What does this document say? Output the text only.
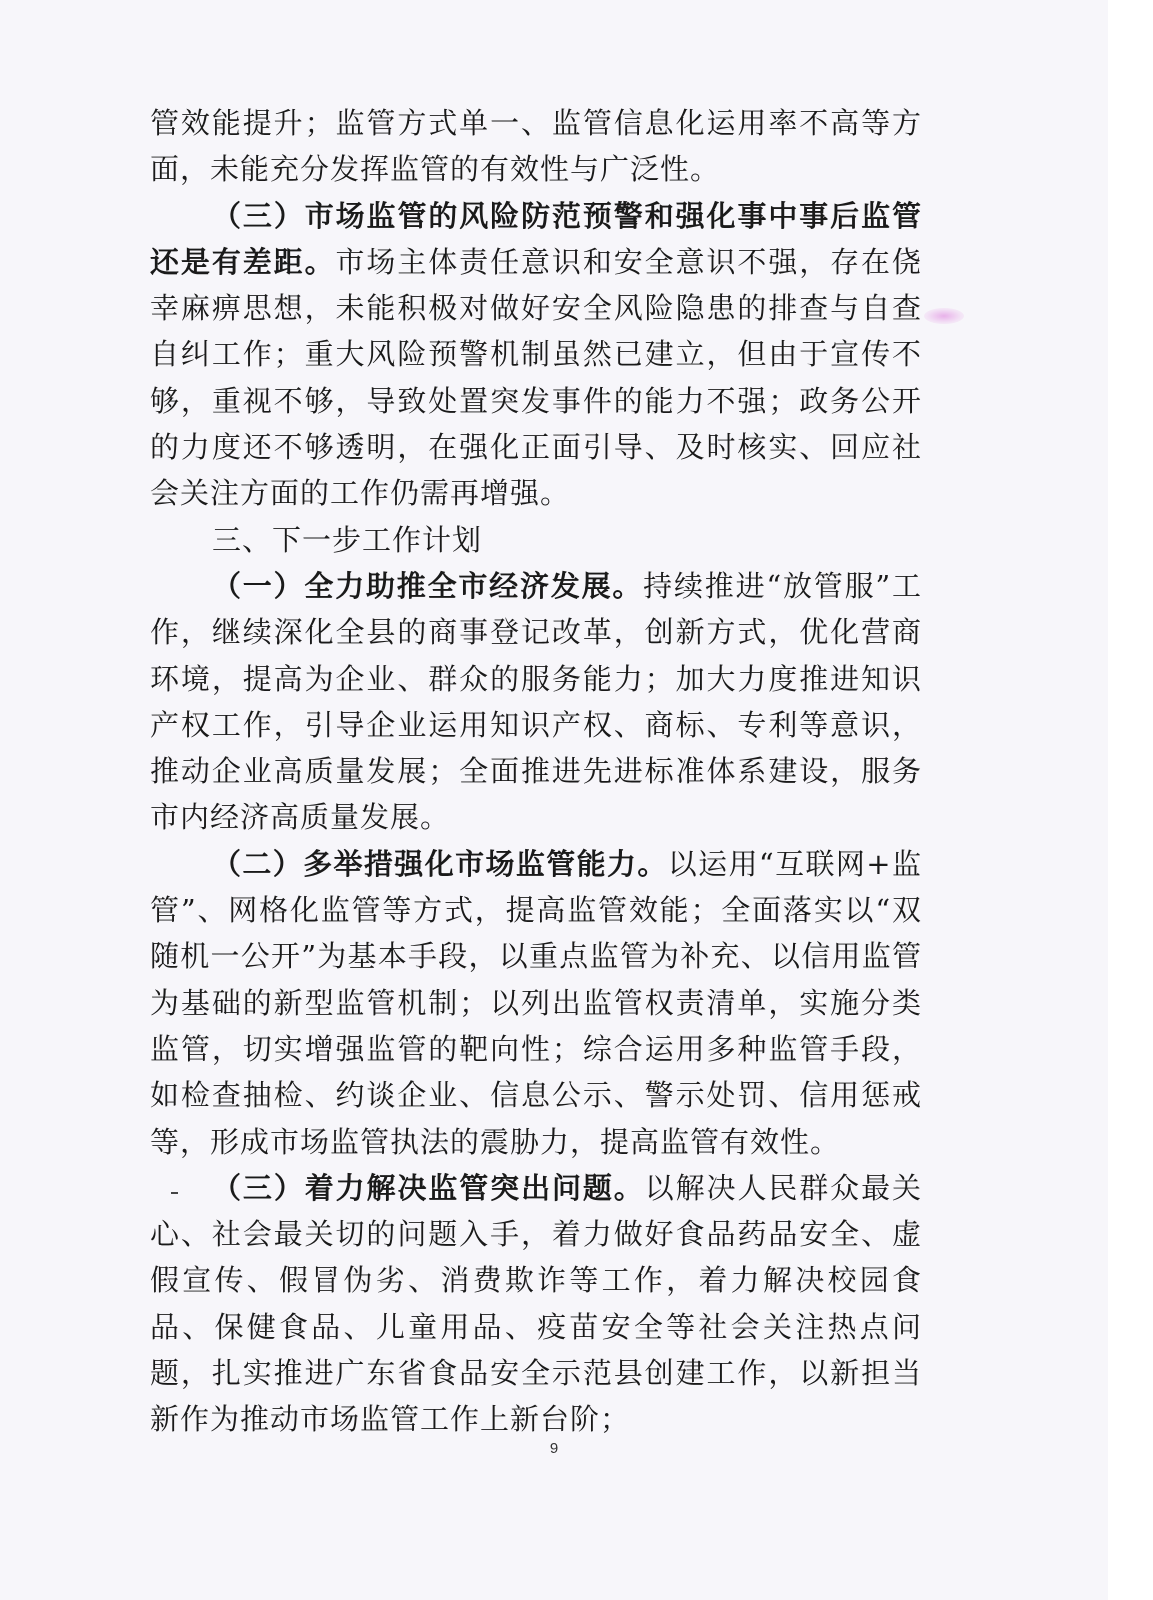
管效能提升；监管方式单一、监管信息化运用率不高等方面，未能充分发挥监管的有效性与广泛性。

（三）市场监管的风险防范预警和强化事中事后监管还是有差距。市场主体责任意识和安全意识不强，存在侥幸麻痹思想，未能积极对做好安全风险隐患的排查与自查自纠工作；重大风险预警机制虽然已建立，但由于宣传不够，重视不够，导致处置突发事件的能力不强；政务公开的力度还不够透明，在强化正面引导、及时核实、回应社会关注方面的工作仍需再增强。

三、下一步工作计划

（一）全力助推全市经济发展。持续推进“放管服”工作，继续深化全县的商事登记改革，创新方式，优化营商环境，提高为企业、群众的服务能力；加大力度推进知识产权工作，引导企业运用知识产权、商标、专利等意识，推动企业高质量发展；全面推进先进标准体系建设，服务市内经济高质量发展。

（二）多举措强化市场监管能力。以运用“互联网+监管”、网格化监管等方式，提高监管效能；全面落实以“双随机一公开”为基本手段，以重点监管为补充、以信用监管为基础的新型监管机制；以列出监管权责清单，实施分类监管，切实增强监管的靶向性；综合运用多种监管手段，如检查抽检、约谈企业、信息公示、警示处罚、信用惩戒等，形成市场监管执法的震胁力，提高监管有效性。

（三）着力解决监管突出问题。以解决人民群众最关心、社会最关切的问题入手，着力做好食品药品安全、虚假宣传、假冒伪劣、消费欺诈等工作，着力解决校园食品、保健食品、儿童用品、疫苗安全等社会关注热点问题，扎实推进广东省食品安全示范县创建工作，以新担当新作为推动市场监管工作上新台阶；

9
